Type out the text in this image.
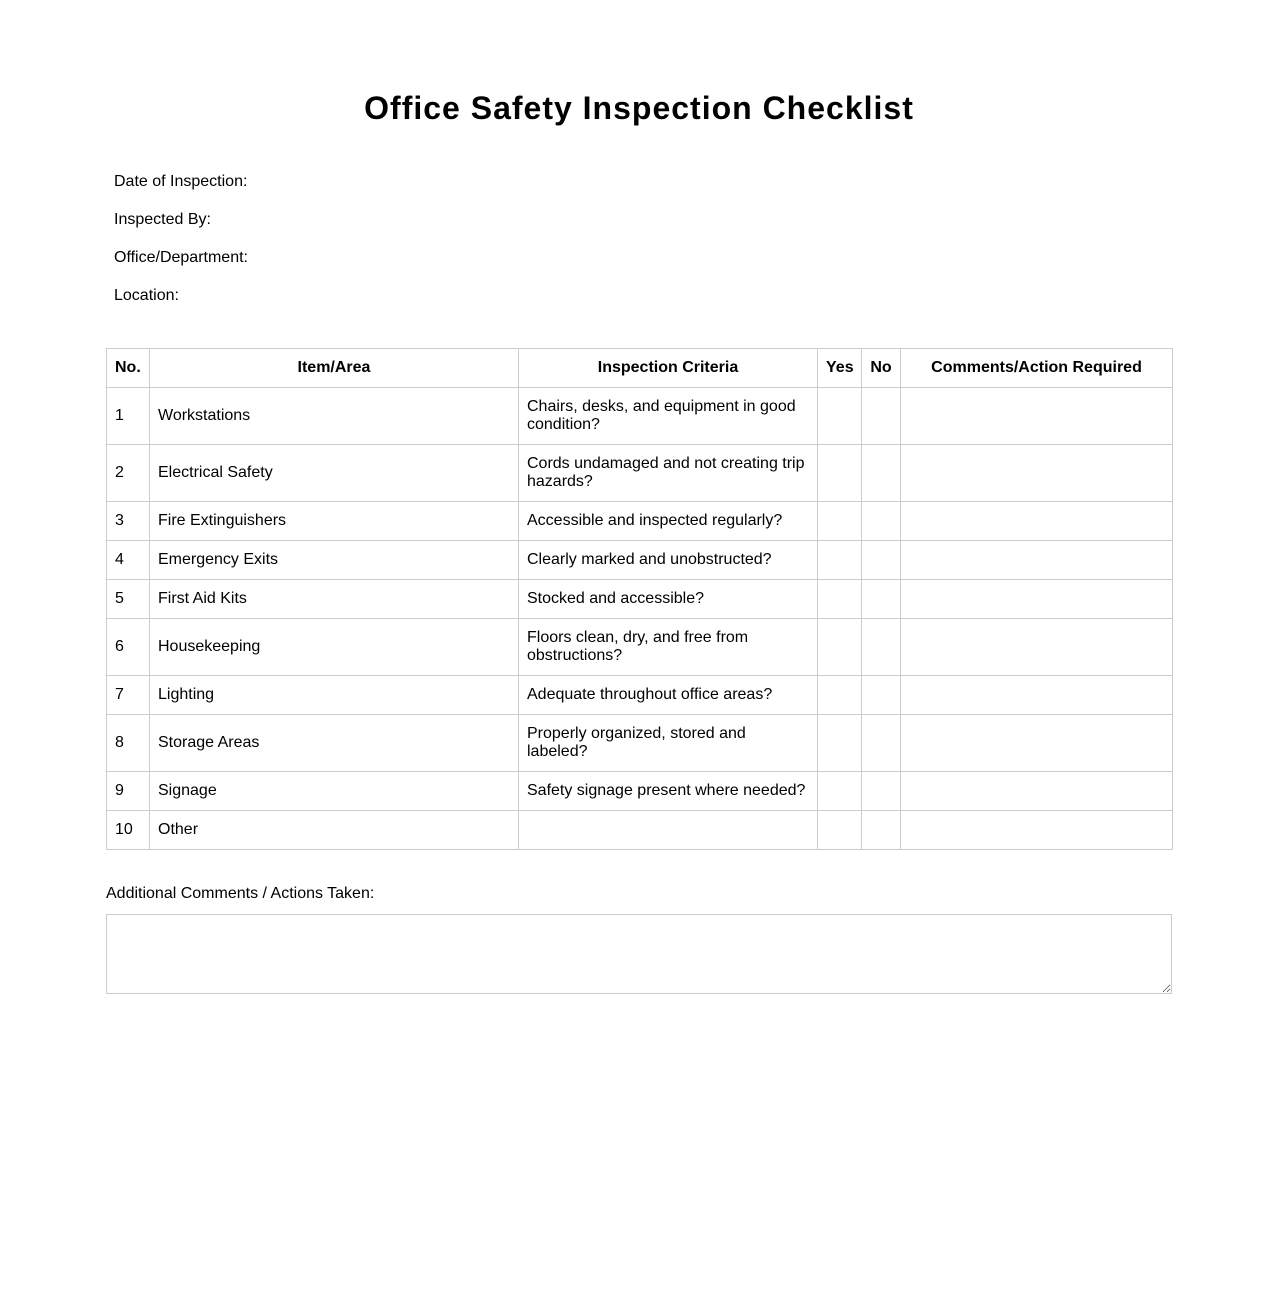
Office Safety Inspection Checklist
Date of Inspection:
Inspected By:
Office/Department:
Location:
No.	Item/Area	Inspection Criteria	Yes	No	Comments/Action Required
1	Workstations	Chairs, desks, and equipment in good condition?			
2	Electrical Safety	Cords undamaged and not creating trip hazards?			
3	Fire Extinguishers	Accessible and inspected regularly?			
4	Emergency Exits	Clearly marked and unobstructed?			
5	First Aid Kits	Stocked and accessible?			
6	Housekeeping	Floors clean, dry, and free from obstructions?			
7	Lighting	Adequate throughout office areas?			
8	Storage Areas	Properly organized, stored and labeled?			
9	Signage	Safety signage present where needed?			
10	Other				
Additional Comments / Actions Taken:
